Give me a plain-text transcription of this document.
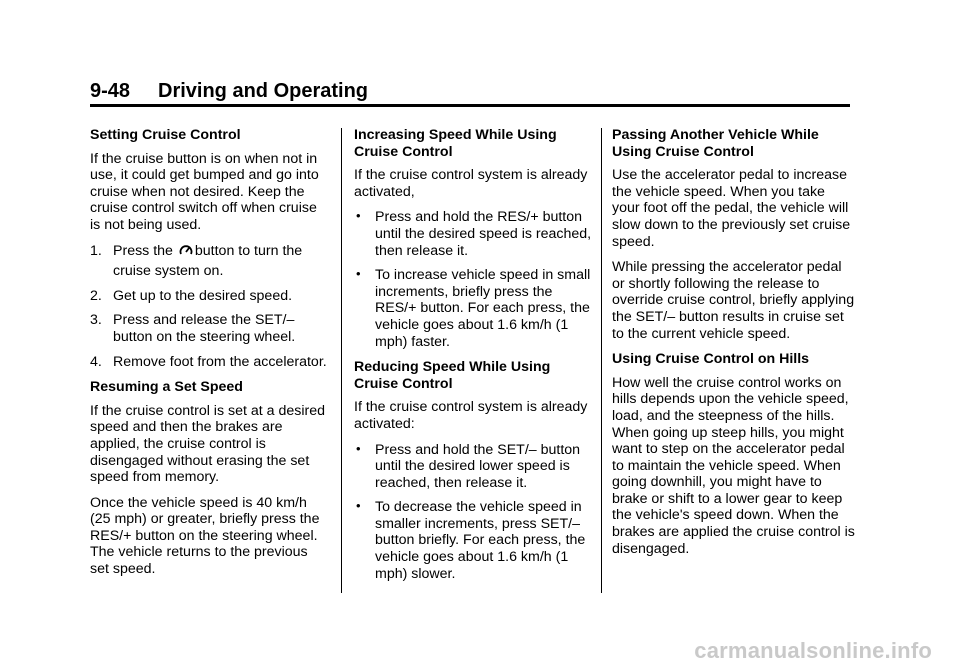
9-48 Driving and Operating
Setting Cruise Control

If the cruise button is on when not in use, it could get bumped and go into cruise when not desired. Keep the cruise control switch off when cruise is not being used.

1. Press the button to turn the
cruise system on.
2. Get up to the desired speed.
3. Press and release the SET/– button on the steering wheel.
4. Remove foot from the accelerator.
Resuming a Set Speed

If the cruise control is set at a desired speed and then the brakes are applied, the cruise control is disengaged without erasing the set speed from memory.

Once the vehicle speed is 40 km/h (25 mph) or greater, briefly press the RES/+ button on the steering wheel. The vehicle returns to the previous set speed.

Increasing Speed While Using Cruise Control

If the cruise control system is already activated,

• Press and hold the RES/+ button until the desired speed is reached, then release it.
• To increase vehicle speed in small increments, briefly press the RES/+ button. For each press, the vehicle goes about 1.6 km/h (1 mph) faster.
Reducing Speed While Using Cruise Control

If the cruise control system is already activated:

• Press and hold the SET/– button until the desired lower speed is reached, then release it.
• To decrease the vehicle speed in smaller increments, press SET/– button briefly. For each press, the vehicle goes about 1.6 km/h (1 mph) slower.
Passing Another Vehicle While Using Cruise Control

Use the accelerator pedal to increase the vehicle speed. When you take your foot off the pedal, the vehicle will slow down to the previously set cruise speed.

While pressing the accelerator pedal or shortly following the release to override cruise control, briefly applying the SET/– button results in cruise set to the current vehicle speed.

Using Cruise Control on Hills

How well the cruise control works on hills depends upon the vehicle speed, load, and the steepness of the hills. When going up steep hills, you might want to step on the accelerator pedal to maintain the vehicle speed. When going downhill, you might have to brake or shift to a lower gear to keep the vehicle's speed down. When the brakes are applied the cruise control is disengaged.

carmanualsonline.info
